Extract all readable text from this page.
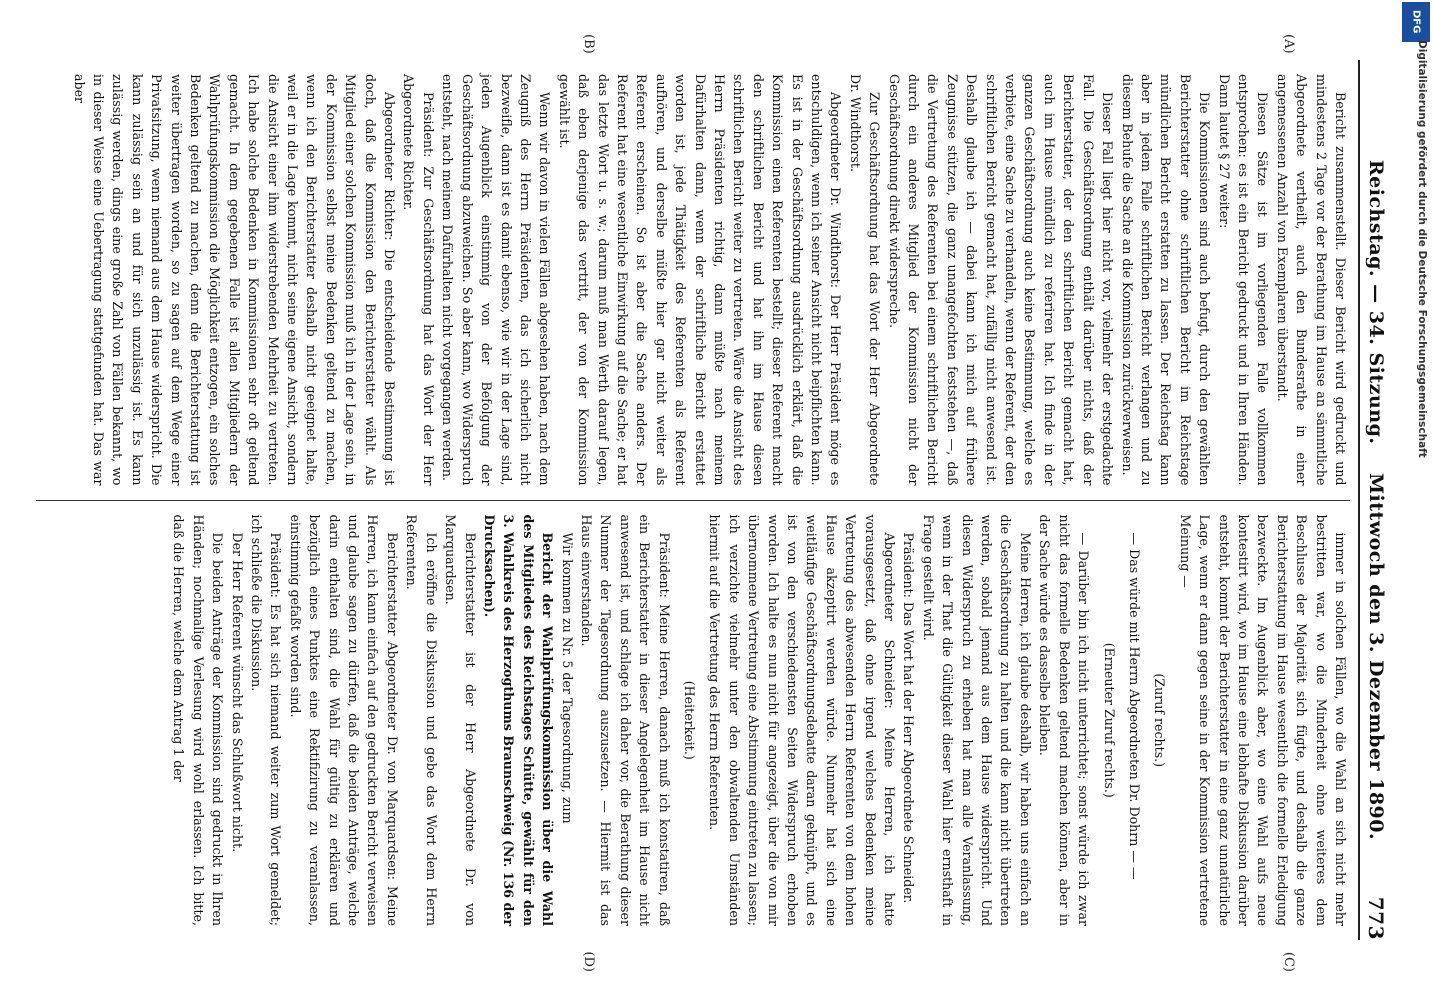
Reichstag. — 34. Sitzung.    Mittwoch den 3. Dezember 1890.
773

Bericht zusammenstellt. Dieser Bericht wird gedruckt und mindestens 2 Tage vor der Berathung im Hause an sämmtliche Abgeordnete vertheilt, auch den Bundesrathe in einer angemessenen Anzahl von Exemplaren überstandt.

Diesen Sätze ist im vorliegenden Falle vollkommen entsprochen: es ist ein Bericht gedruckt und in Ihren Händen. Dann lautet § 27 weiter:

Die Kommissionen sind auch befugt, durch den gewählten Berichterstatter ohne schriftlichen Bericht im Reichstage mündlichen Bericht erstatten zu lassen. Der Reichstag kann aber in jedem Falle schriftlichen Bericht verlangen und zu diesem Behufe die Sache an die Kommission zurückverweisen.

Dieser Fall liegt hier nicht vor, vielmehr der erstgedachte Fall. Die Geschäftsordnung enthält darüber nichts, daß der Berichterstatter, der den schriftlichen Bericht gemacht hat, auch im Hause mündlich zu referiren hat. Ich finde in der ganzen Geschäftsordnung auch keine Bestimmung, welche es verbiete, eine Sache zu verhandeln, wenn der Referent, der den schriftlichen Bericht gemacht hat, zufällig nicht anwesend ist. Deshalb glaube ich — dabei kann ich mich auf frühere Zeugnisse stützen, die ganz unangefochten feststehen —, daß die Vertretung des Referenten bei einem schriftlichen Bericht durch ein anderes Mitglied der Kommission nicht der Geschäftsordnung direkt widerspreche.

Zur Geschäftsordnung hat das Wort der Herr Abgeordnete Dr. Windthorst.

Abgeordneter Dr. Windthorst: Der Herr Präsident möge es entschuldigen, wenn ich seiner Ansicht nicht beipflichten kann. Es ist in der Geschäftsordnung ausdrücklich erklärt, daß die Kommission einen Referenten bestellt; dieser Referent macht den schriftlichen Bericht und hat ihn im Hause diesen schriftlichen Bericht weiter zu vertreten. Wäre die Ansicht des Herrn Präsidenten richtig, dann müßte nach meinem Dafürhalten dann, wenn der schriftliche Bericht erstattet worden ist, jede Thätigkeit des Referenten als Referent aufhören, und derselbe müßte hier gar nicht weiter als Referent erscheinen. So ist aber die Sache anders. Der Referent hat eine wesentliche Einwirkung auf die Sache; er hat das letzte Wort u. s. w.; darum muß man Werth darauf legen, daß eben derjenige das vertritt, der von der Kommission gewählt ist.

Wenn wir davon in vielen Fällen abgesehen haben, nach dem Zeugniß des Herrn Präsidenten, das ich sicherlich nicht bezweifle, dann ist es damit ebenso, wie wir in der Lage sind, jeden Augenblick einstimmig von der Befolgung der Geschäftsordnung abzuweichen. So aber kann, wo Widerspruch entsteht, nach meinem Dafürhalten nicht vorgegangen werden.

Präsident: Zur Geschäftsordnung hat das Wort der Herr Abgeordnete Richter.

Abgeordneter Richter: Die entscheidende Bestimmung ist doch, daß die Kommission den Berichterstatter wählt. Als Mitglied einer solchen Kommission muß ich in der Lage sein, in der Kommission selbst meine Bedenken geltend zu machen, wenn ich den Berichterstatter deshalb nicht geeignet halte, weil er in die Lage kommt, nicht seine eigene Ansicht, sondern die Ansicht einer ihm widerstrebenden Mehrheit zu vertreten. Ich habe solche Bedenken in Kommissionen sehr oft geltend gemacht. In dem gegebenen Falle ist allen Mitgliedern der Wahlprüfungskommission die Möglichkeit entzogen, ein solches Bedenken geltend zu machen, denn die Berichterstattung ist weiter übertragen worden, so zu sagen auf dem Wege einer Privatsitzung, wenn niemand aus dem Hause widerspricht. Die kann zulässig sein an und für sich unzulässig ist. Es kann zulässig werden, dings eine große Zahl von Fällen bekannt, wo in dieser Weise eine Uebertragung stattgefunden hat. Das war aber

immer in solchen Fällen, wo die Wahl an sich nicht mehr bestritten war, wo die Minderheit ohne weiteres dem Beschlusse der Majorität sich fügte, und deshalb die ganze Berichterstattung im Hause wesentlich die formelle Erledigung bezweckte. Im Augenblick aber, wo eine Wahl aufs neue kontestirt wird, wo im Hause eine lebhafte Diskussion darüber entsteht, kommt der Berichterstatter in eine ganz unnatürliche Lage, wenn er dann gegen seine in der Kommission vertretene Meinung —

(Zuruf rechts.)

— Das würde mit Herrn Abgeordneten Dr. Dohrn — —

(Erneuter Zuruf rechts.)

— Darüber bin ich nicht unterrichtet; sonst würde ich zwar nicht das formelle Bedenken geltend machen können, aber in der Sache würde es dasselbe bleiben.

Meine Herren, ich glaube deshalb, wir haben uns einfach an die Geschäftsordnung zu halten und die kann nicht übertreten werden, sobald jemand aus dem Hause widerspricht. Und diesen Widerspruch zu erheben hat man alle Veranlassung, wenn in der That die Gültigkeit dieser Wahl hier ernsthaft in Frage gestellt wird.

Präsident: Das Wort hat der Herr Abgeordnete Schneider.

Abgeordneter Schneider: Meine Herren, ich hatte vorausgesetzt, daß ohne irgend welches Bedenken meine Vertretung des abwesenden Herrn Referenten von dem hohen Hause akzeptirt werden würde. Nunmehr hat sich eine weitläufige Geschäftsordnungsdebatte daran geknüpft, und es ist von den verschiedensten Seiten Widerspruch erhoben worden. Ich halte es nun nicht für angezeigt, über die von mir übernommene Vertretung eine Abstimmung eintreten zu lassen; ich verzichte vielmehr unter den obwaltenden Umständen hiermit auf die Vertretung des Herrn Referenten.

(Heiterkeit.)

Präsident: Meine Herren, danach muß ich konstatiren, daß ein Berichterstatter in dieser Angelegenheit im Hause nicht anwesend ist, und schlage ich daher vor, die Berathung dieser Nummer der Tagesordnung auszusetzen. — Hiermit ist das Haus einverstanden.

Wir kommen zu Nr. 5 der Tagesordnung, zum

Bericht der Wahlprüfungskommission über die Wahl des Mitgliedes des Reichstages Schütte, gewählt für den 3. Wahlkreis des Herzogthums Braunschweig (Nr. 136 der Drucksachen).

Berichterstatter ist der Herr Abgeordnete Dr. von Marquardsen.

Ich eröffne die Diskussion und gebe das Wort dem Herrn Referenten.

Berichterstatter Abgeordneter Dr. von Marquardsen: Meine Herren, ich kann einfach auf den gedruckten Bericht verweisen und glaube sagen zu dürfen, daß die beiden Anträge, welche darin enthalten sind, die Wahl für gültig zu erklären und bezüglich eines Punktes eine Rektifizirung zu veranlassen, einstimmig gefaßt worden sind.

Präsident: Es hat sich niemand weiter zum Wort gemeldet; ich schließe die Diskussion.

Der Herr Referent wünscht das Schlußwort nicht.

Die beiden Anträge der Kommission sind gedruckt in Ihren Händen; nochmalige Verlesung wird wohl erlassen. Ich bitte, daß die Herren, welche dem Antrag 1 der

(A)
(B)
(C)
(D)
DFG
Digitalisierung gefördert durch die Deutsche Forschungsgemeinschaft
